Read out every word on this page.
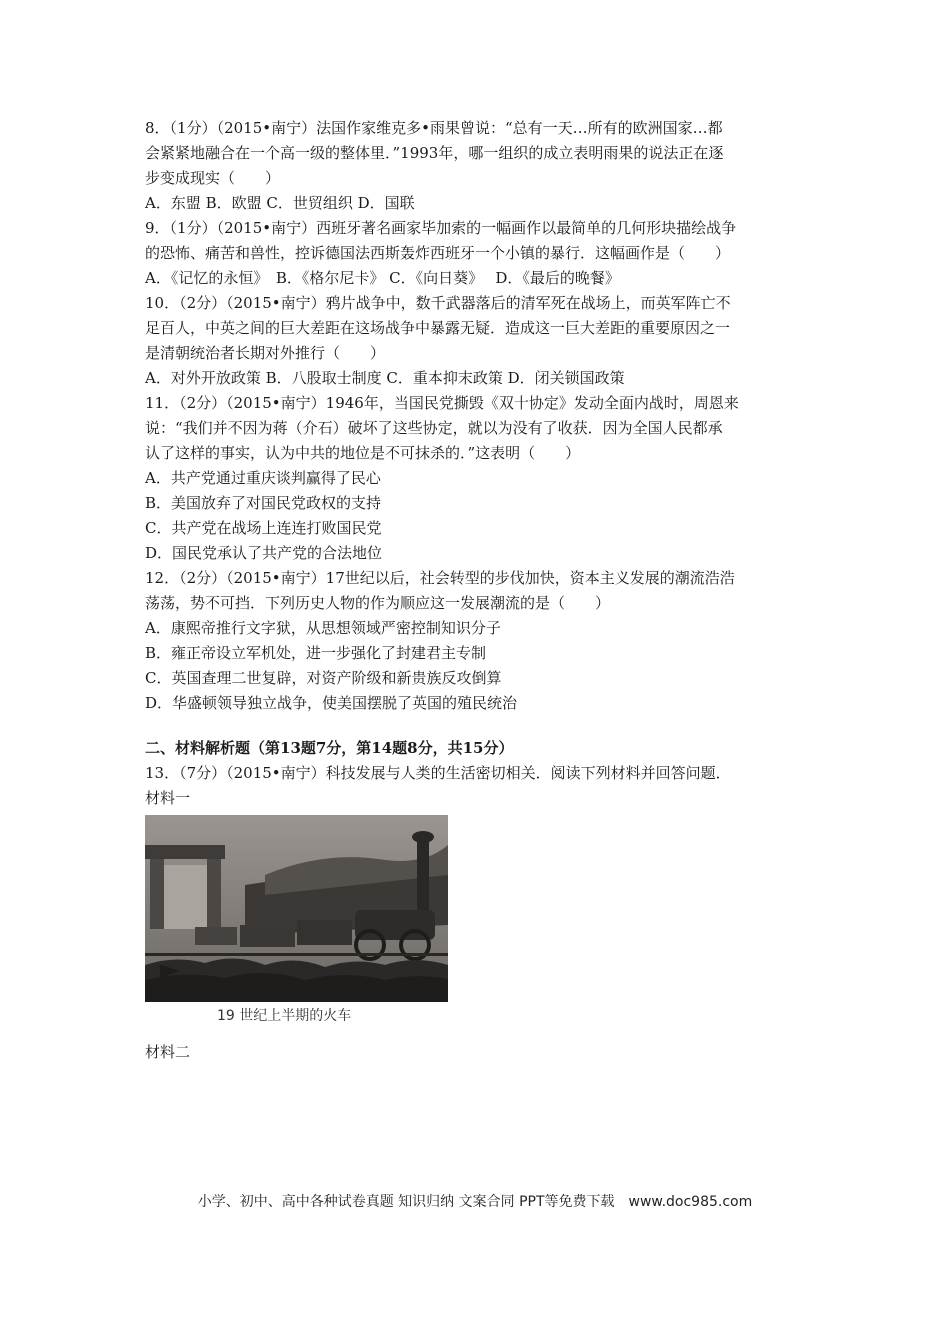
8．（1分）（2015•南宁）法国作家维克多•雨果曾说：“总有一天…所有的欧洲国家…都
会紧紧地融合在一个高一级的整体里．”1993年，哪一组织的成立表明雨果的说法正在逐
步变成现实（　　）
A．东盟 B．欧盟 C．世贸组织 D．国联
9．（1分）（2015•南宁）西班牙著名画家毕加索的一幅画作以最简单的几何形块描绘战争
的恐怖、痛苦和兽性，控诉德国法西斯轰炸西班牙一个小镇的暴行．这幅画作是（　　）
A．《记忆的永恒》　B．《格尔尼卡》 C．《向日葵》　 D．《最后的晚餐》
10．（2分）（2015•南宁）鸦片战争中，数千武器落后的清军死在战场上，而英军阵亡不
足百人，中英之间的巨大差距在这场战争中暴露无疑．造成这一巨大差距的重要原因之一
是清朝统治者长期对外推行（　　）
A．对外开放政策 B．八股取士制度 C．重本抑末政策 D．闭关锁国政策
11．（2分）（2015•南宁）1946年，当国民党撕毁《双十协定》发动全面内战时，周恩来
说：“我们并不因为蒋（介石）破坏了这些协定，就以为没有了收获．因为全国人民都承
认了这样的事实，认为中共的地位是不可抹杀的．”这表明（　　）
A．共产党通过重庆谈判赢得了民心
B．美国放弃了对国民党政权的支持
C．共产党在战场上连连打败国民党
D．国民党承认了共产党的合法地位
12．（2分）（2015•南宁）17世纪以后，社会转型的步伐加快，资本主义发展的潮流浩浩
荡荡，势不可挡．下列历史人物的作为顺应这一发展潮流的是（　　）
A．康熙帝推行文字狱，从思想领域严密控制知识分子
B．雍正帝设立军机处，进一步强化了封建君主专制
C．英国查理二世复辟，对资产阶级和新贵族反攻倒算
D．华盛顿领导独立战争，使美国摆脱了英国的殖民统治
二、材料解析题（第13题7分，第14题8分，共15分）
13．（7分）（2015•南宁）科技发展与人类的生活密切相关．阅读下列材料并回答问题．
材料一
19 世纪上半期的火车
材料二
小学、初中、高中各种试卷真题 知识归纳 文案合同 PPT等免费下载　www.doc985.com
